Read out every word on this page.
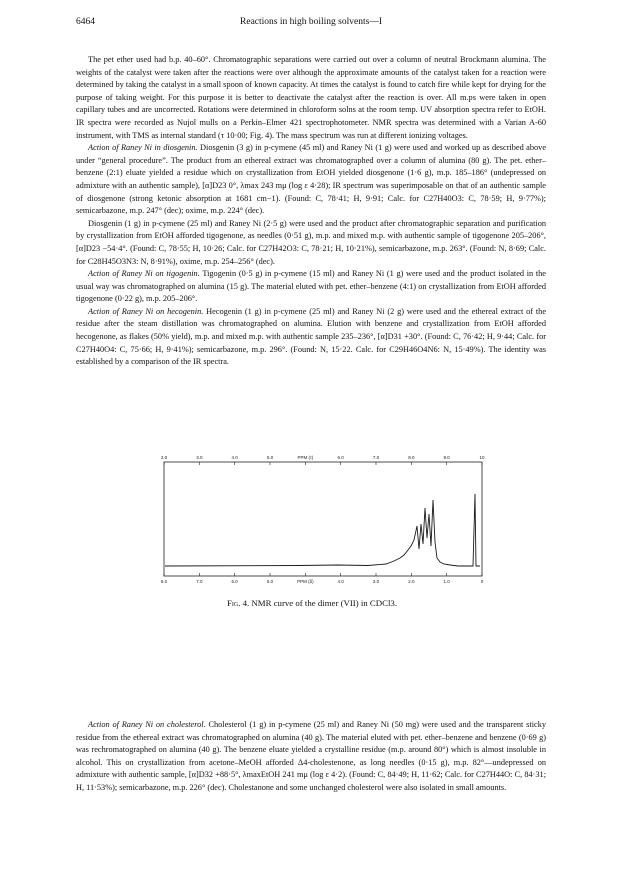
6464	Reactions in high boiling solvents—I

The pet ether used had b.p. 40–60°. Chromatographic separations were carried out over a column of neutral Brockmann alumina. The weights of the catalyst were taken after the reactions were over although the approximate amounts of the catalyst taken for a reaction were determined by taking the catalyst in a small spoon of known capacity. At times the catalyst is found to catch fire while kept for drying for the purpose of taking weight. For this purpose it is better to deactivate the catalyst after the reaction is over. All m.ps were taken in open capillary tubes and are uncorrected. Rotations were determined in chloroform solns at the room temp. UV absorption spectra refer to EtOH. IR spectra were recorded as Nujol mulls on a Perkin–Elmer 421 spectrophotometer. NMR spectra was determined with a Varian A-60 instrument, with TMS as internal standard (τ 10·00; Fig. 4). The mass spectrum was run at different ionizing voltages.

Action of Raney Ni in diosgenin. Diosgenin (3 g) in p-cymene (45 ml) and Raney Ni (1 g) were used and worked up as described above under “general procedure”. The product from an ethereal extract was chromatographed over a column of alumina (80 g). The pet. ether–benzene (2:1) eluate yielded a residue which on crystallization from EtOH yielded diosgenone (1·6 g), m.p. 185–186° (undepressed on admixture with an authentic sample), [α]D23 0°, λmax 243 mμ (log ε 4·28); IR spectrum was superimposable on that of an authentic sample of diosgenone (strong ketonic absorption at 1681 cm−1). (Found: C, 78·41; H, 9·91; Calc. for C27H40O3: C, 78·59; H, 9·77%); semicarbazone, m.p. 247° (dec); oxime, m.p. 224° (dec).

Diosgenin (1 g) in p-cymene (25 ml) and Raney Ni (2·5 g) were used and the product after chromatographic separation and purification by crystallization from EtOH afforded tigogenone, as needles (0·51 g), m.p. and mixed m.p. with authentic sample of tigogenone 205–206°, [α]D23 −54·4°. (Found: C, 78·55; H, 10·26; Calc. for C27H42O3: C, 78·21; H, 10·21%), semicarbazone, m.p. 263°. (Found: N, 8·69; Calc. for C28H45O3N3: N, 8·91%), oxime, m.p. 254–256° (dec).

Action of Raney Ni on tigogenin. Tigogenin (0·5 g) in p-cymene (15 ml) and Raney Ni (1 g) were used and the product isolated in the usual way was chromatographed on alumina (15 g). The material eluted with pet. ether–benzene (4:1) on crystallization from EtOH afforded tigogenone (0·22 g), m.p. 205–206°.

Action of Raney Ni on hecogenin. Hecogenin (1 g) in p-cymene (25 ml) and Raney Ni (2 g) were used and the ethereal extract of the residue after the steam distillation was chromatographed on alumina. Elution with benzene and crystallization from EtOH afforded hecogenone, as flakes (50% yield), m.p. and mixed m.p. with authentic sample 235–236°, [α]D31 +30°. (Found: C, 76·42; H, 9·44; Calc. for C27H40O4: C, 75·66; H, 9·41%); semicarbazone, m.p. 296°. (Found: N, 15·22. Calc. for C29H46O4N6: N, 15·49%). The identity was established by a comparison of the IR spectra.

2.0	3.0	4.0	5.0	PPM (τ)	6.0	7.0	8.0	9.0	10
8.0	7.0	6.0	5.0	PPM (δ)	4.0	3.0	2.0	1.0	0
Fig. 4. NMR curve of the dimer (VII) in CDCl3.

Action of Raney Ni on cholesterol. Cholesterol (1 g) in p-cymene (25 ml) and Raney Ni (50 mg) were used and the transparent sticky residue from the ethereal extract was chromatographed on alumina (40 g). The material eluted with pet. ether–benzene and benzene (0·69 g) was rechromatographed on alumina (40 g). The benzene eluate yielded a crystalline residue (m.p. around 80°) which is almost insoluble in alcohol. This on crystallization from acetone–MeOH afforded Δ4-cholestenone, as long needles (0·15 g), m.p. 82°—undepressed on admixture with authentic sample, [α]D32 +88·5°, λmaxEtOH 241 mμ (log ε 4·2). (Found: C, 84·49; H, 11·62; Calc. for C27H44O: C, 84·31; H, 11·53%); semicarbazone, m.p. 226° (dec). Cholestanone and some unchanged cholesterol were also isolated in small amounts.
